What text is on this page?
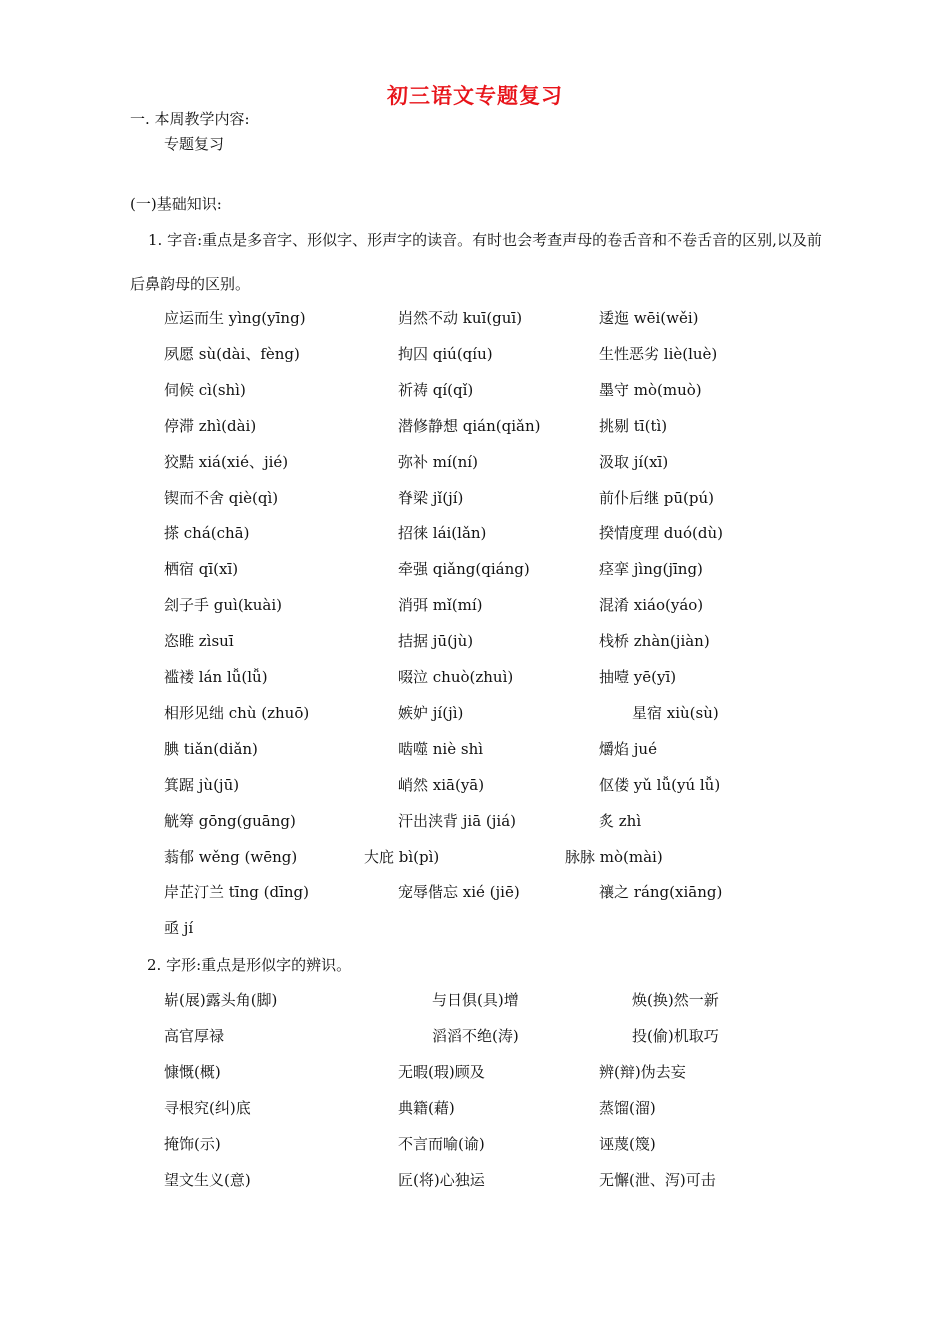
初三语文专题复习
一. 本周教学内容:
专题复习
(一)基础知识:
1. 字音:重点是多音字、形似字、形声字的读音。有时也会考查声母的卷舌音和不卷舌音的区别,以及前后鼻韵母的区别。
应运而生 yìng(yīng)	岿然不动 kuī(guī)	逶迤 wēi(wěi)
夙愿 sù(dài、fèng)	拘囚 qiú(qíu)	生性恶劣 liè(luè)
伺候 cì(shì)	祈祷 qí(qǐ)	墨守 mò(muò)
停滞 zhì(dài)	潜修静想 qián(qiǎn)	挑剔 tī(tì)
狡黠 xiá(xié、jié)	弥补 mí(ní)	汲取 jí(xī)
锲而不舍 qiè(qì)	脊梁 jǐ(jí)	前仆后继 pū(pú)
搽 chá(chā)	招徕 lái(lǎn)	揆情度理 duó(dù)
栖宿 qī(xī)	牵强 qiǎng(qiáng)	痉挛 jìng(jīng)
刽子手 guì(kuài)	消弭 mǐ(mí)	混淆 xiáo(yáo)
恣睢 zìsuī	拮据 jū(jù)	栈桥 zhàn(jiàn)
褴褛 lán lǚ(lǚ)	啜泣 chuò(zhuì)	抽噎 yē(yī)
相形见绌 chù (zhuō)	嫉妒 jí(jì)	星宿 xiù(sù)
腆 tiǎn(diǎn)	啮噬 niè shì	爝焰 jué
箕踞 jù(jū)	峭然 xiā(yā)	伛偻 yǔ lǚ(yú lǚ)
觥筹 gōng(guāng)	汗出浃背 jiā (jiá)	炙 zhì
蓊郁 wěng (wēng)	大庇 bì(pì)	脉脉 mò(mài)
岸芷汀兰 tīng (dīng)	宠辱偕忘 xié (jiē)	禳之 ráng(xiāng)
亟 jí
2. 字形:重点是形似字的辨识。
崭(展)露头角(脚)	与日俱(具)增	焕(换)然一新
高官厚禄	滔滔不绝(涛)	投(偷)机取巧
慷慨(概)	无暇(瑕)顾及	辨(辩)伪去妄
寻根究(纠)底	典籍(藉)	蒸馏(溜)
掩饰(示)	不言而喻(谕)	诬蔑(篾)
望文生义(意)	匠(将)心独运	无懈(泄、泻)可击
